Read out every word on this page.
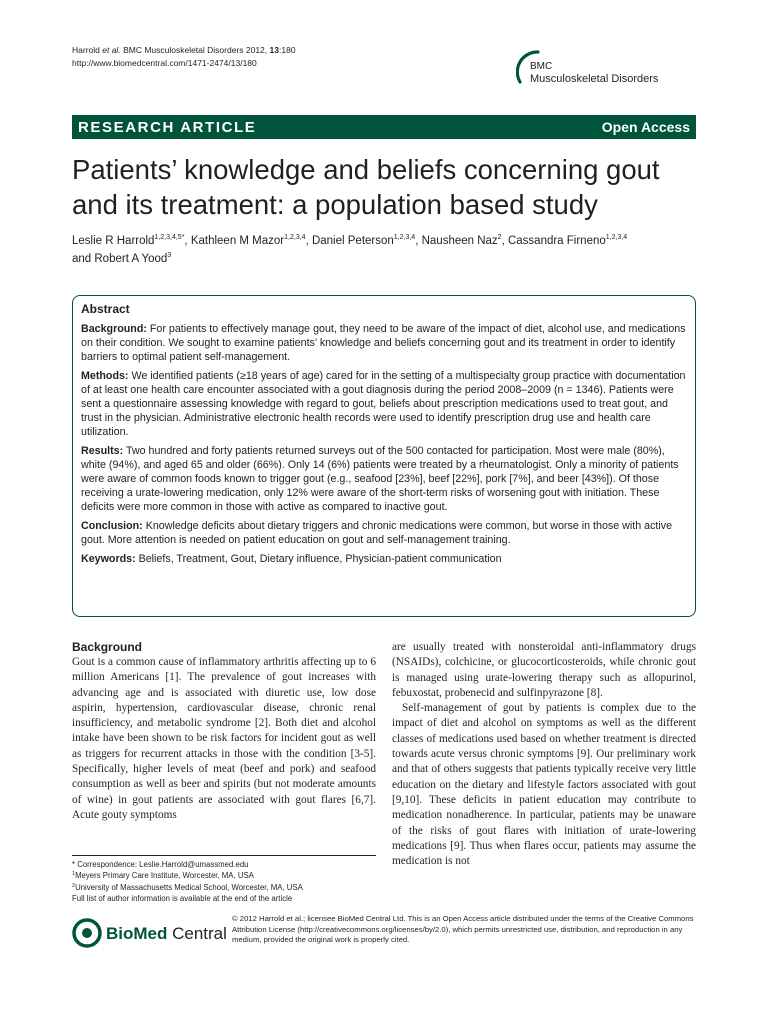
Harrold et al. BMC Musculoskeletal Disorders 2012, 13:180
http://www.biomedcentral.com/1471-2474/13/180	BMC
Musculoskeletal Disorders
RESEARCH ARTICLE	Open Access
Patients’ knowledge and beliefs concerning gout and its treatment: a population based study
Leslie R Harrold$^{1,2,3,4,5*}$, Kathleen M Mazor$^{1,2,3,4}$, Daniel Peterson$^{1,2,3,4}$, Nausheen Naz$^2$, Cassandra Firneno$^{1,2,3,4}$
and Robert A Yood$^3$
Abstract

Background: For patients to effectively manage gout, they need to be aware of the impact of diet, alcohol use, and medications on their condition. We sought to examine patients’ knowledge and beliefs concerning gout and its treatment in order to identify barriers to optimal patient self-management.

Methods: We identified patients (≥18 years of age) cared for in the setting of a multispecialty group practice with documentation of at least one health care encounter associated with a gout diagnosis during the period 2008–2009 (n = 1346). Patients were sent a questionnaire assessing knowledge with regard to gout, beliefs about prescription medications used to treat gout, and trust in the physician. Administrative electronic health records were used to identify prescription drug use and health care utilization.

Results: Two hundred and forty patients returned surveys out of the 500 contacted for participation. Most were male (80%), white (94%), and aged 65 and older (66%). Only 14 (6%) patients were treated by a rheumatologist. Only a minority of patients were aware of common foods known to trigger gout (e.g., seafood [23%], beef [22%], pork [7%], and beer [43%]). Of those receiving a urate-lowering medication, only 12% were aware of the short-term risks of worsening gout with initiation. These deficits were more common in those with active as compared to inactive gout.

Conclusion: Knowledge deficits about dietary triggers and chronic medications were common, but worse in those with active gout. More attention is needed on patient education on gout and self-management training.

Keywords: Beliefs, Treatment, Gout, Dietary influence, Physician-patient communication

Background

Gout is a common cause of inflammatory arthritis affecting up to 6 million Americans [1]. The prevalence of gout increases with advancing age and is associated with diuretic use, low dose aspirin, hypertension, cardiovascular disease, chronic renal insufficiency, and metabolic syndrome [2]. Both diet and alcohol intake have been shown to be risk factors for incident gout as well as triggers for recurrent attacks in those with the condition [3-5]. Specifically, higher levels of meat (beef and pork) and seafood consumption as well as beer and spirits (but not moderate amounts of wine) in gout patients are associated with gout flares [6,7]. Acute gouty symptoms

are usually treated with nonsteroidal anti-inflammatory drugs (NSAIDs), colchicine, or glucocorticosteroids, while chronic gout is managed using urate-lowering therapy such as allopurinol, febuxostat, probenecid and sulfinpyrazone [8].

Self-management of gout by patients is complex due to the impact of diet and alcohol on symptoms as well as the different classes of medications used based on whether treatment is directed towards acute versus chronic symptoms [9]. Our preliminary work and that of others suggests that patients typically receive very little education on the dietary and lifestyle factors associated with gout [9,10]. These deficits in patient education may contribute to medication nonadherence. In particular, patients may be unaware of the risks of gout flares with initiation of urate-lowering medications [9]. Thus when flares occur, patients may assume the medication is not

* Correspondence: Leslie.Harrold@umassmed.edu
$^1$Meyers Primary Care Institute, Worcester, MA, USA
$^2$University of Massachusetts Medical School, Worcester, MA, USA
Full list of author information is available at the end of the article
BioMed Central
© 2012 Harrold et al.; licensee BioMed Central Ltd. This is an Open Access article distributed under the terms of the Creative Commons Attribution License (http://creativecommons.org/licenses/by/2.0), which permits unrestricted use, distribution, and reproduction in any medium, provided the original work is properly cited.
